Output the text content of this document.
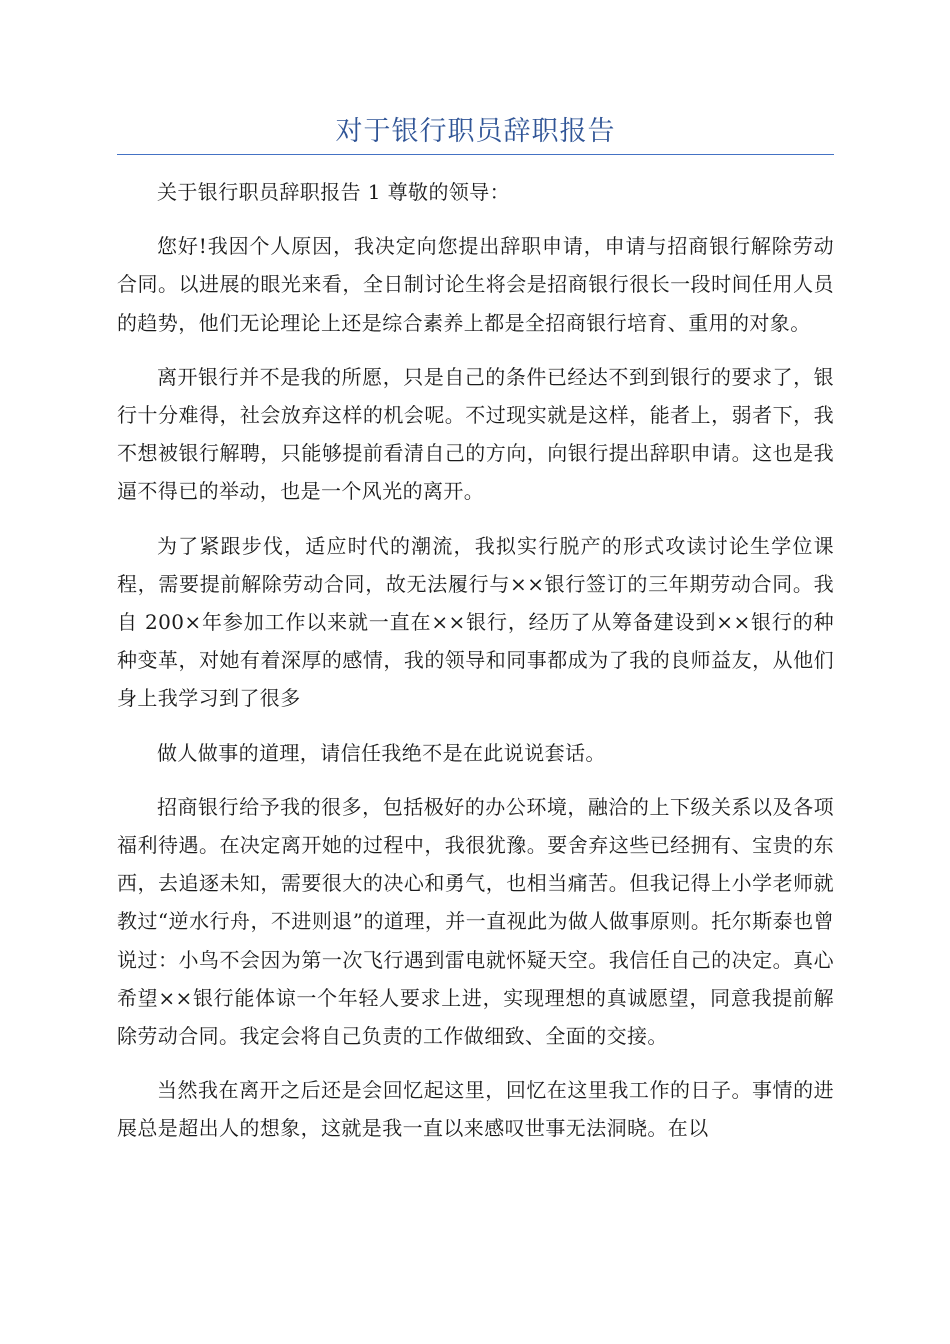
对于银行职员辞职报告

关于银行职员辞职报告 1 尊敬的领导：

您好!我因个人原因，我决定向您提出辞职申请，申请与招商银行解除劳动合同。以进展的眼光来看，全日制讨论生将会是招商银行很长一段时间任用人员的趋势，他们无论理论上还是综合素养上都是全招商银行培育、重用的对象。

离开银行并不是我的所愿，只是自己的条件已经达不到到银行的要求了，银行十分难得，社会放弃这样的机会呢。不过现实就是这样，能者上，弱者下，我不想被银行解聘，只能够提前看清自己的方向，向银行提出辞职申请。这也是我逼不得已的举动，也是一个风光的离开。

为了紧跟步伐，适应时代的潮流，我拟实行脱产的形式攻读讨论生学位课程，需要提前解除劳动合同，故无法履行与××银行签订的三年期劳动合同。我自 200×年参加工作以来就一直在××银行，经历了从筹备建设到××银行的种种变革，对她有着深厚的感情，我的领导和同事都成为了我的良师益友，从他们身上我学习到了很多

做人做事的道理，请信任我绝不是在此说说套话。

招商银行给予我的很多，包括极好的办公环境，融洽的上下级关系以及各项福利待遇。在决定离开她的过程中，我很犹豫。要舍弃这些已经拥有、宝贵的东西，去追逐未知，需要很大的决心和勇气，也相当痛苦。但我记得上小学老师就教过“逆水行舟，不进则退”的道理，并一直视此为做人做事原则。托尔斯泰也曾说过：小鸟不会因为第一次飞行遇到雷电就怀疑天空。我信任自己的决定。真心希望××银行能体谅一个年轻人要求上进，实现理想的真诚愿望，同意我提前解除劳动合同。我定会将自己负责的工作做细致、全面的交接。

当然我在离开之后还是会回忆起这里，回忆在这里我工作的日子。事情的进展总是超出人的想象，这就是我一直以来感叹世事无法洞晓。在以
